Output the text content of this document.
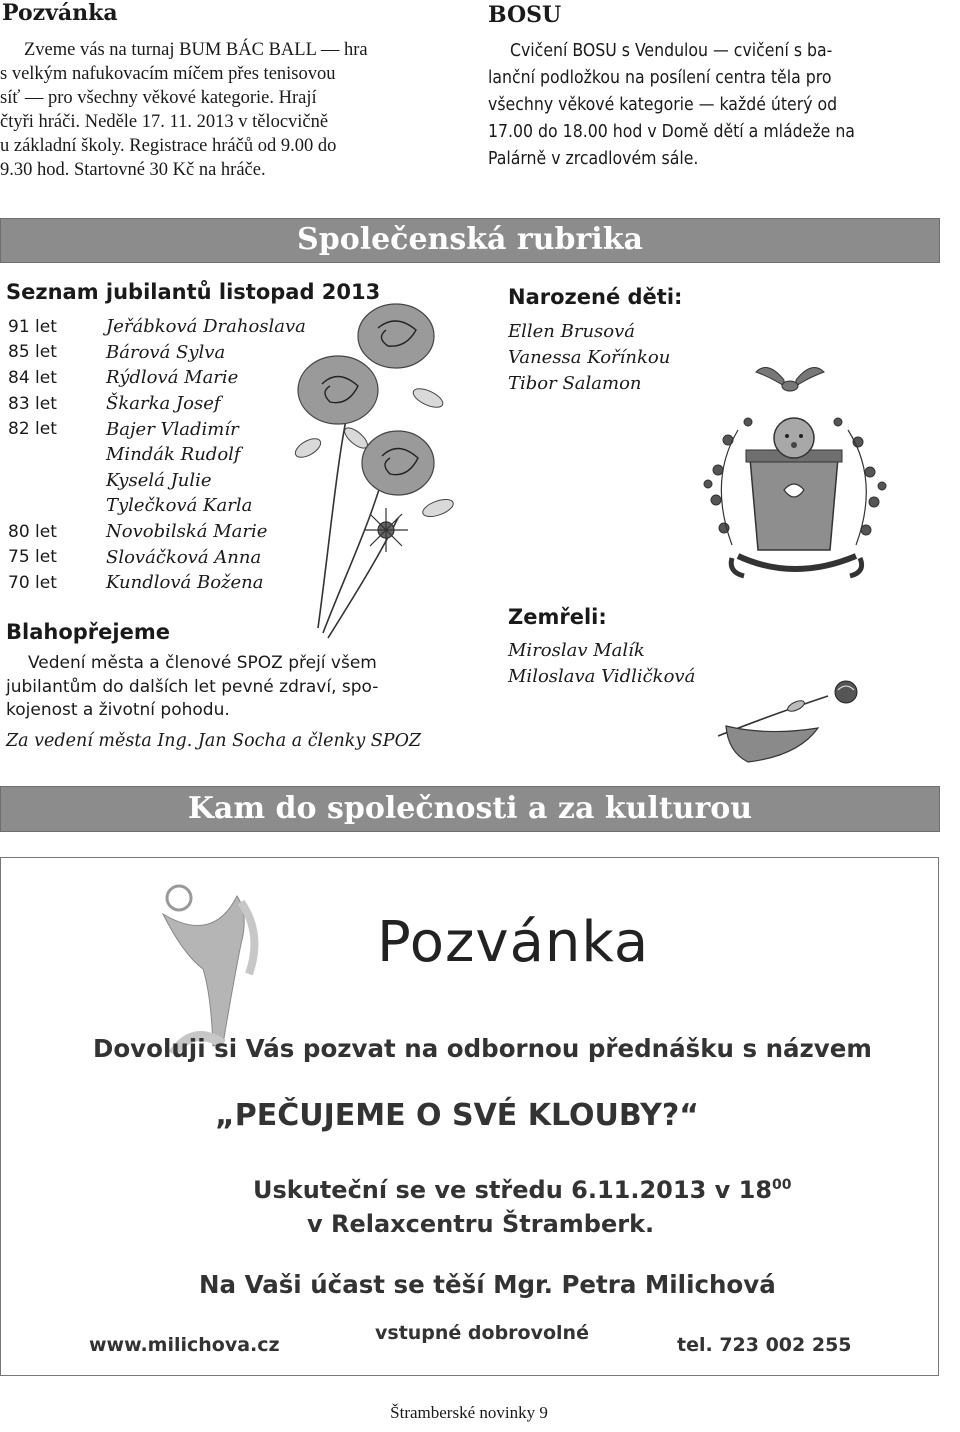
Pozvánka
Zveme vás na turnaj BUM BÁC BALL — hra
s velkým nafukovacím míčem přes tenisovou
síť — pro všechny věkové kategorie. Hrají
čtyři hráči. Neděle 17. 11. 2013 v tělocvičně
u základní školy. Registrace hráčů od 9.00 do
9.30 hod. Startovné 30 Kč na hráče.
BOSU
Cvičení BOSU s Vendulou — cvičení s ba-
lanční podložkou na posílení centra těla pro
všechny věkové kategorie — každé úterý od
17.00 do 18.00 hod v Domě dětí a mládeže na
Palárně v zrcadlovém sále.
Společenská rubrika
Seznam jubilantů listopad 2013
91 let	Jeřábková Drahoslava
85 let	Bárová Sylva
84 let	Rýdlová Marie
83 let	Škarka Josef
82 let	Bajer Vladimír
Mindák Rudolf
Kyselá Julie
Tylečková Karla
80 let	Novobilská Marie
75 let	Slováčková Anna
70 let	Kundlová Božena
Blahopřejeme
Vedení města a členové SPOZ přejí všem
jubilantům do dalších let pevné zdraví, spo-
kojenost a životní pohodu.
Za vedení města Ing. Jan Socha a členky SPOZ
Narozené děti:
Ellen Brusová
Vanessa Kořínkou
Tibor Salamon
Zemřeli:
Miroslav Malík
Miloslava Vidličková
Kam do společnosti a za kulturou
Pozvánka
Dovoluji si Vás pozvat na odbornou přednášku s názvem
„PEČUJEME O SVÉ KLOUBY?“
Uskuteční se ve středu 6.11.2013 v $18^{00}$
v Relaxcentru Štramberk.
Na Vaši účast se těší Mgr. Petra Milichová
www.milichova.cz
vstupné dobrovolné
tel. 723 002 255
Štramberské novinky 9
